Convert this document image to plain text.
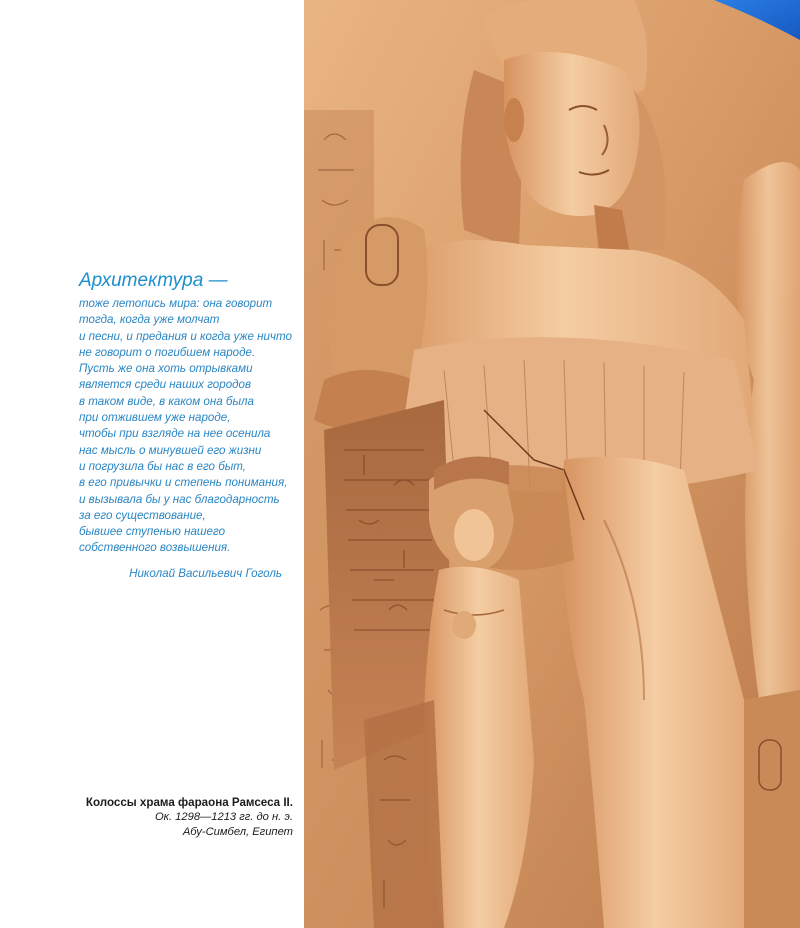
Архитектура —
тоже летопись мира: она говорит
тогда, когда уже молчат
и песни, и предания и когда уже ничто
не говорит о погибшем народе.
Пусть же она хоть отрывками
является среди наших городов
в таком виде, в каком она была
при отжившем уже народе,
чтобы при взгляде на нее осенила
нас мысль о минувшей его жизни
и погрузила бы нас в его быт,
в его привычки и степень понимания,
и вызывала бы у нас благодарность
за его существование,
бывшее ступенью нашего
собственного возвышения.
Николай Васильевич Гоголь
Колоссы храма фараона Рамсеса II.
Ок. 1298—1213 гг. до н. э.
Абу-Симбел, Египет
